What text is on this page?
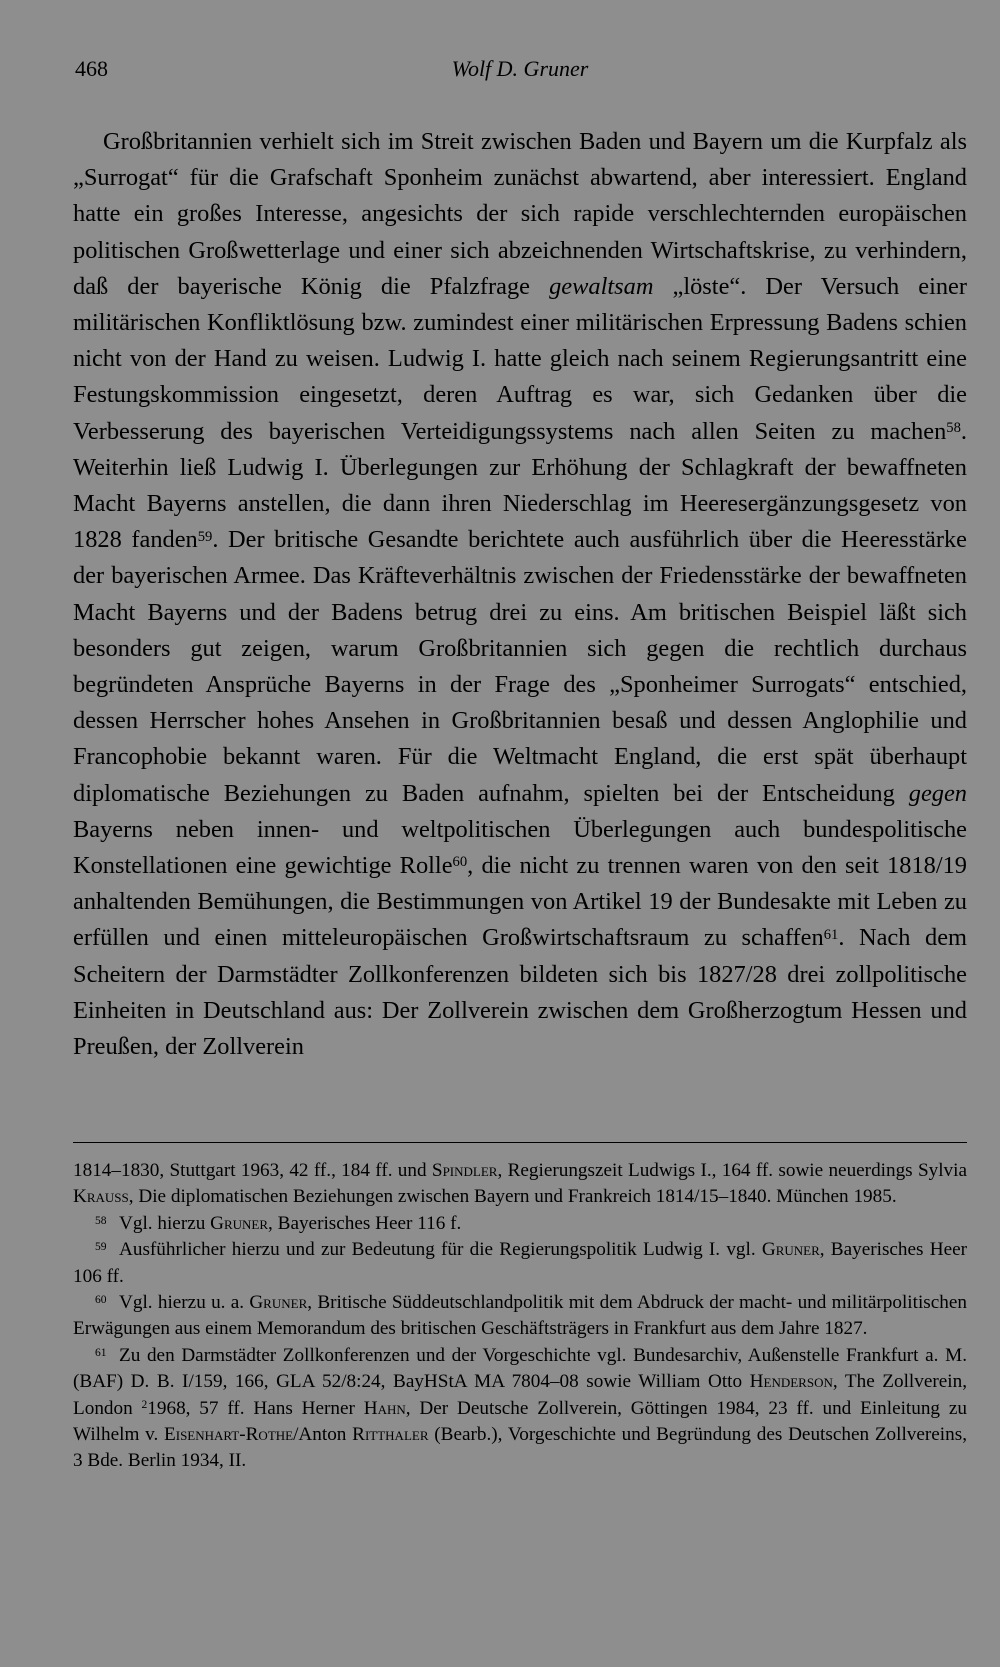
468	Wolf D. Gruner

Großbritannien verhielt sich im Streit zwischen Baden und Bayern um die Kurpfalz als „Surrogat“ für die Grafschaft Sponheim zunächst abwartend, aber interessiert. England hatte ein großes Interesse, angesichts der sich rapide verschlechternden europäischen politischen Großwetterlage und einer sich abzeichnenden Wirtschaftskrise, zu verhindern, daß der bayerische König die Pfalzfrage gewaltsam „löste“. Der Versuch einer militärischen Konfliktlösung bzw. zumindest einer militärischen Erpressung Badens schien nicht von der Hand zu weisen. Ludwig I. hatte gleich nach seinem Regierungsantritt eine Festungskommission eingesetzt, deren Auftrag es war, sich Gedanken über die Verbesserung des bayerischen Verteidigungssystems nach allen Seiten zu machen$^{58}$. Weiterhin ließ Ludwig I. Überlegungen zur Erhöhung der Schlagkraft der bewaffneten Macht Bayerns anstellen, die dann ihren Niederschlag im Heeresergänzungsgesetz von 1828 fanden$^{59}$. Der britische Gesandte berichtete auch ausführlich über die Heeresstärke der bayerischen Armee. Das Kräfteverhältnis zwischen der Friedensstärke der bewaffneten Macht Bayerns und der Badens betrug drei zu eins. Am britischen Beispiel läßt sich besonders gut zeigen, warum Großbritannien sich gegen die rechtlich durchaus begründeten Ansprüche Bayerns in der Frage des „Sponheimer Surrogats“ entschied, dessen Herrscher hohes Ansehen in Großbritannien besaß und dessen Anglophilie und Francophobie bekannt waren. Für die Weltmacht England, die erst spät überhaupt diplomatische Beziehungen zu Baden aufnahm, spielten bei der Entscheidung gegen Bayerns neben innen- und weltpolitischen Überlegungen auch bundespolitische Konstellationen eine gewichtige Rolle$^{60}$, die nicht zu trennen waren von den seit 1818/19 anhaltenden Bemühungen, die Bestimmungen von Artikel 19 der Bundesakte mit Leben zu erfüllen und einen mitteleuropäischen Großwirtschaftsraum zu schaffen$^{61}$. Nach dem Scheitern der Darmstädter Zollkonferenzen bildeten sich bis 1827/28 drei zollpolitische Einheiten in Deutschland aus: Der Zollverein zwischen dem Großherzogtum Hessen und Preußen, der Zollverein

1814–1830, Stuttgart 1963, 42 ff., 184 ff. und Spindler, Regierungszeit Ludwigs I., 164 ff. sowie neuerdings Sylvia Krauss, Die diplomatischen Beziehungen zwischen Bayern und Frankreich 1814/15–1840. München 1985.

$^{58}$ Vgl. hierzu Gruner, Bayerisches Heer 116 f.

$^{59}$ Ausführlicher hierzu und zur Bedeutung für die Regierungspolitik Ludwig I. vgl. Gruner, Bayerisches Heer 106 ff.

$^{60}$ Vgl. hierzu u. a. Gruner, Britische Süddeutschlandpolitik mit dem Abdruck der macht- und militärpolitischen Erwägungen aus einem Memorandum des britischen Geschäftsträgers in Frankfurt aus dem Jahre 1827.

$^{61}$ Zu den Darmstädter Zollkonferenzen und der Vorgeschichte vgl. Bundesarchiv, Außenstelle Frankfurt a. M. (BAF) D. B. I/159, 166, GLA 52/8:24, BayHStA MA 7804–08 sowie William Otto Henderson, The Zollverein, London $^2$1968, 57 ff. Hans Herner Hahn, Der Deutsche Zollverein, Göttingen 1984, 23 ff. und Einleitung zu Wilhelm v. Eisenhart-Rothe/Anton Ritthaler (Bearb.), Vorgeschichte und Begründung des Deutschen Zollvereins, 3 Bde. Berlin 1934, II.
